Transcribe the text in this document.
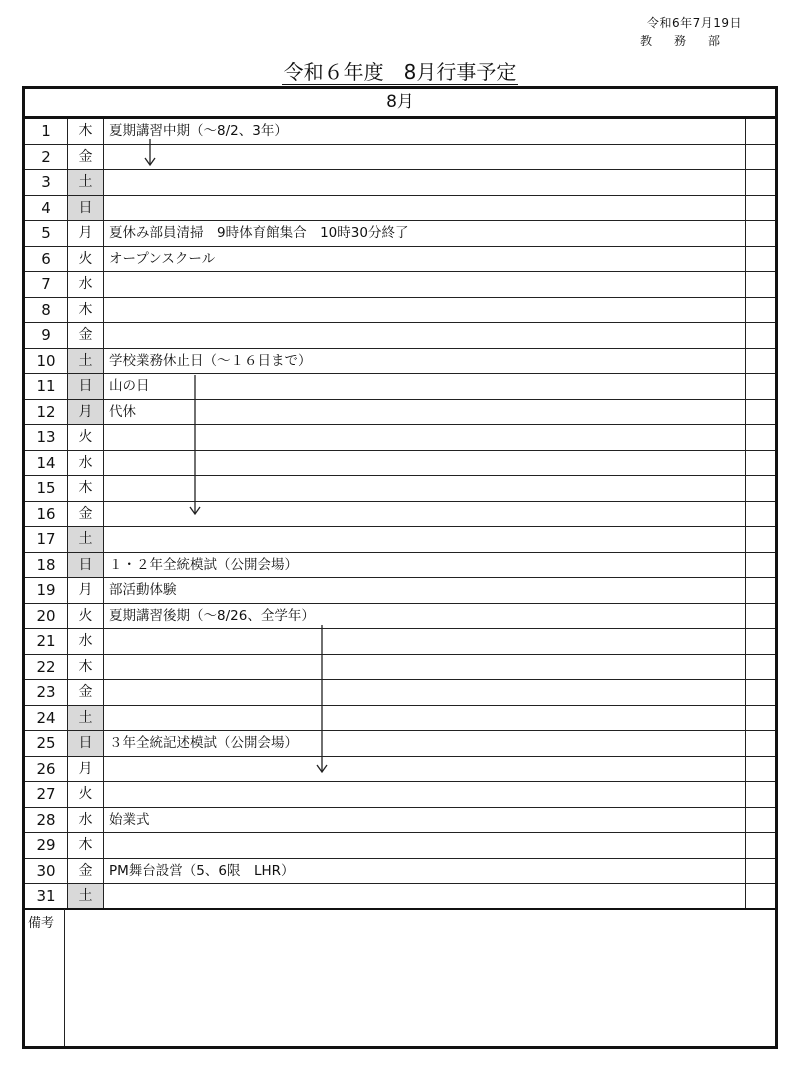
令和6年7月19日
教務部
令和６年度　8月行事予定
8月
1	木	夏期講習中期（〜8/2、3年）
2	金
3	土
4	日
5	月	夏休み部員清掃　9時体育館集合　10時30分終了
6	火	オープンスクール
7	水
8	木
9	金
10	土	学校業務休止日（〜１６日まで）
11	日	山の日
12	月	代休
13	火
14	水
15	木
16	金
17	土
18	日	１・２年全統模試（公開会場）
19	月	部活動体験
20	火	夏期講習後期（〜8/26、全学年）
21	水
22	木
23	金
24	土
25	日	３年全統記述模試（公開会場）
26	月
27	火
28	水	始業式
29	木
30	金	PM舞台設営（5、6限　LHR）
31	土
備考
